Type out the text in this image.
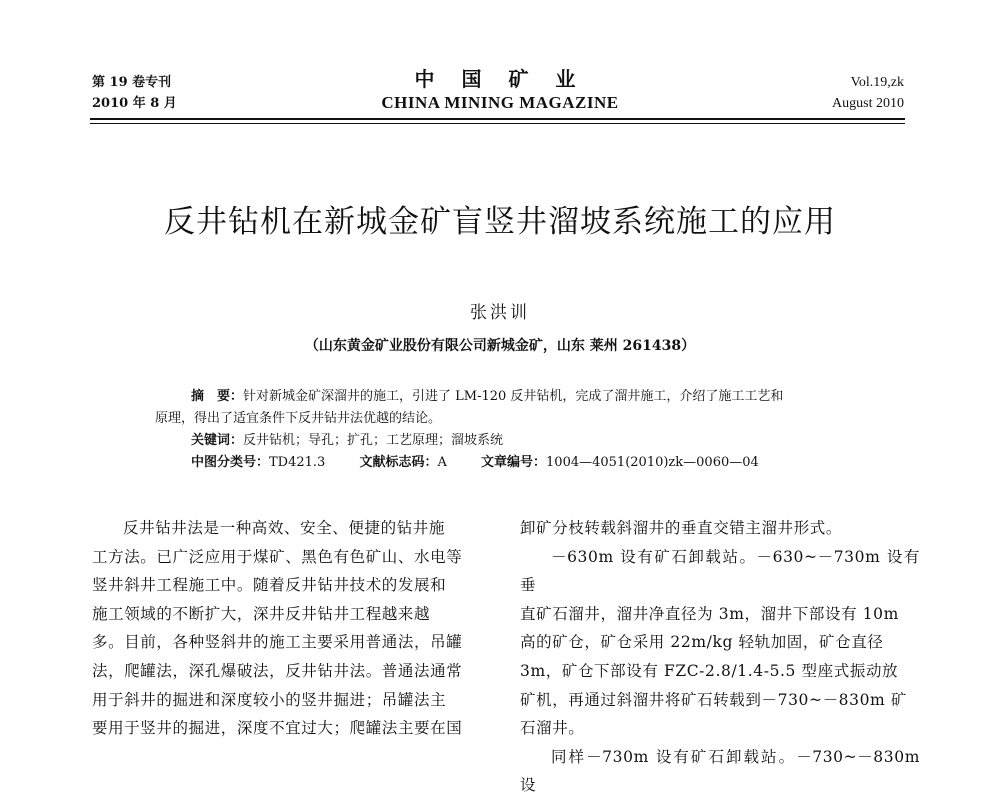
第 19 卷专刊
2010 年 8 月
中 国 矿 业
CHINA MINING MAGAZINE
Vol.19,zk
August 2010
反井钻机在新城金矿盲竖井溜坡系统施工的应用
张洪训
（山东黄金矿业股份有限公司新城金矿，山东 莱州 261438）
摘　要：针对新城金矿深溜井的施工，引进了 LM-120 反井钻机，完成了溜井施工，介绍了施工工艺和
原理，得出了适宜条件下反井钻井法优越的结论。
关键词：反井钻机；导孔；扩孔；工艺原理；溜坡系统
中图分类号：TD421.3	文献标志码：A	文章编号：1004—4051(2010)zk—0060—04

反井钻井法是一种高效、安全、便捷的钻井施

工方法。已广泛应用于煤矿、黑色有色矿山、水电等

竖井斜井工程施工中。随着反井钻井技术的发展和

施工领域的不断扩大，深井反井钻井工程越来越

多。目前，各种竖斜井的施工主要采用普通法，吊罐

法，爬罐法，深孔爆破法，反井钻井法。普通法通常

用于斜井的掘进和深度较小的竖井掘进；吊罐法主

要用于竖井的掘进，深度不宜过大；爬罐法主要在国

卸矿分枝转载斜溜井的垂直交错主溜井形式。

－630m 设有矿石卸载站。－630~－730m 设有垂

直矿石溜井，溜井净直径为 3m，溜井下部设有 10m

高的矿仓，矿仓采用 22m/kg 轻轨加固，矿仓直径

3m，矿仓下部设有 FZC-2.8/1.4-5.5 型座式振动放

矿机，再通过斜溜井将矿石转载到－730~－830m 矿

石溜井。

同样－730m 设有矿石卸载站。－730~－830m 设
